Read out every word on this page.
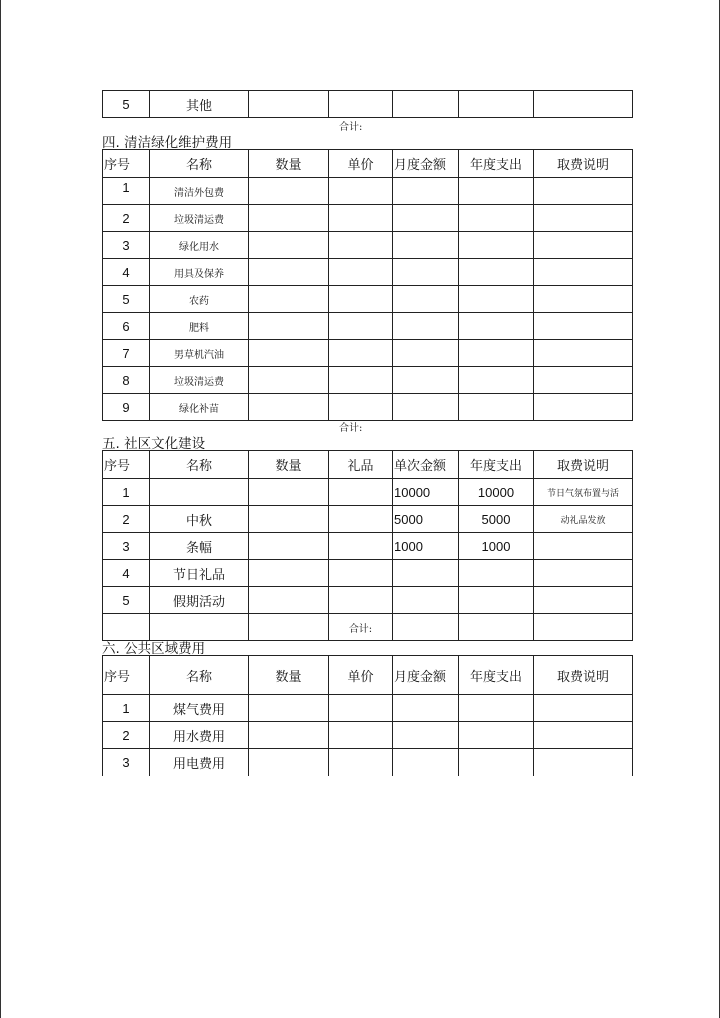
5	其他					
合计:
四. 清洁绿化维护费用
序号	名称	数量	单价	月度金额	年度支出	取费说明
1	清洁外包费					
2	垃圾清运费					
3	绿化用水					
4	用具及保养					
5	农药					
6	肥料					
7	男草机汽油					
8	垃圾清运费					
9	绿化补苗					
合计:
五. 社区文化建设
序号	名称	数量	礼品	单次金额	年度支出	取费说明
1				10000	10000	节日气氛布置与活
2	中秋			5000	5000	动礼品发放
3	条幅			1000	1000	
4	节日礼品					
5	假期活动					
			合计:			
六. 公共区域费用
序号	名称	数量	单价	月度金额	年度支出	取费说明
1	煤气费用					
2	用水费用					
3	用电费用					
